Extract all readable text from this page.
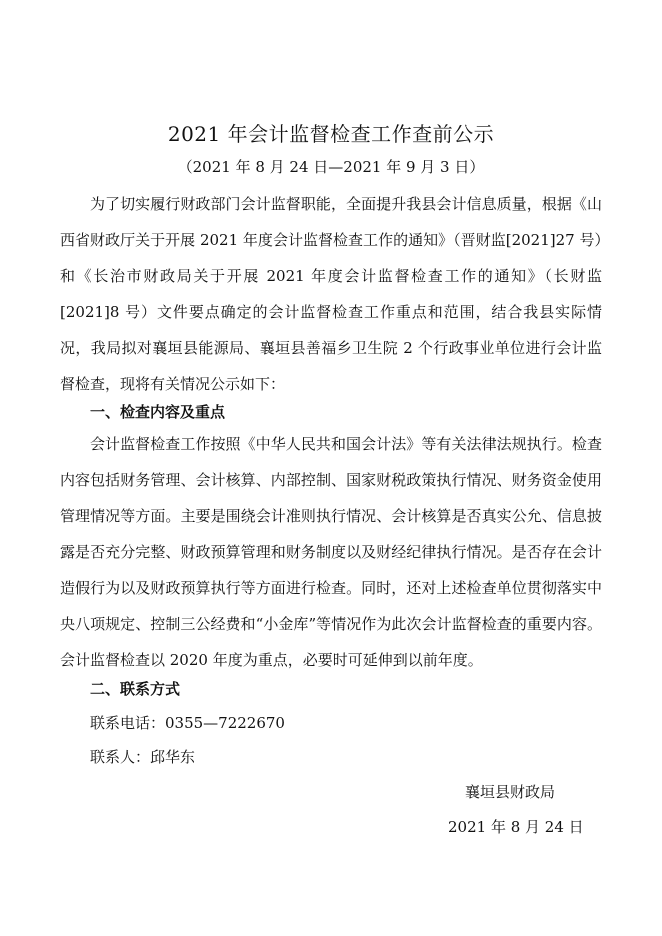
2021 年会计监督检查工作查前公示
（2021 年 8 月 24 日—2021 年 9 月 3 日）

为了切实履行财政部门会计监督职能，全面提升我县会计信息质量，根据《山西省财政厅关于开展 2021 年度会计监督检查工作的通知》（晋财监[2021]27 号）和《长治市财政局关于开展 2021 年度会计监督检查工作的通知》（长财监[2021]8 号）文件要点确定的会计监督检查工作重点和范围，结合我县实际情况，我局拟对襄垣县能源局、襄垣县善福乡卫生院 2 个行政事业单位进行会计监督检查，现将有关情况公示如下：

一、检查内容及重点

会计监督检查工作按照《中华人民共和国会计法》等有关法律法规执行。检查内容包括财务管理、会计核算、内部控制、国家财税政策执行情况、财务资金使用管理情况等方面。主要是围绕会计准则执行情况、会计核算是否真实公允、信息披露是否充分完整、财政预算管理和财务制度以及财经纪律执行情况。是否存在会计造假行为以及财政预算执行等方面进行检查。同时，还对上述检查单位贯彻落实中央八项规定、控制三公经费和“小金库”等情况作为此次会计监督检查的重要内容。会计监督检查以 2020 年度为重点，必要时可延伸到以前年度。

二、联系方式
联系电话：0355—7222670
联系人：邱华东
襄垣县财政局
2021 年 8 月 24 日
